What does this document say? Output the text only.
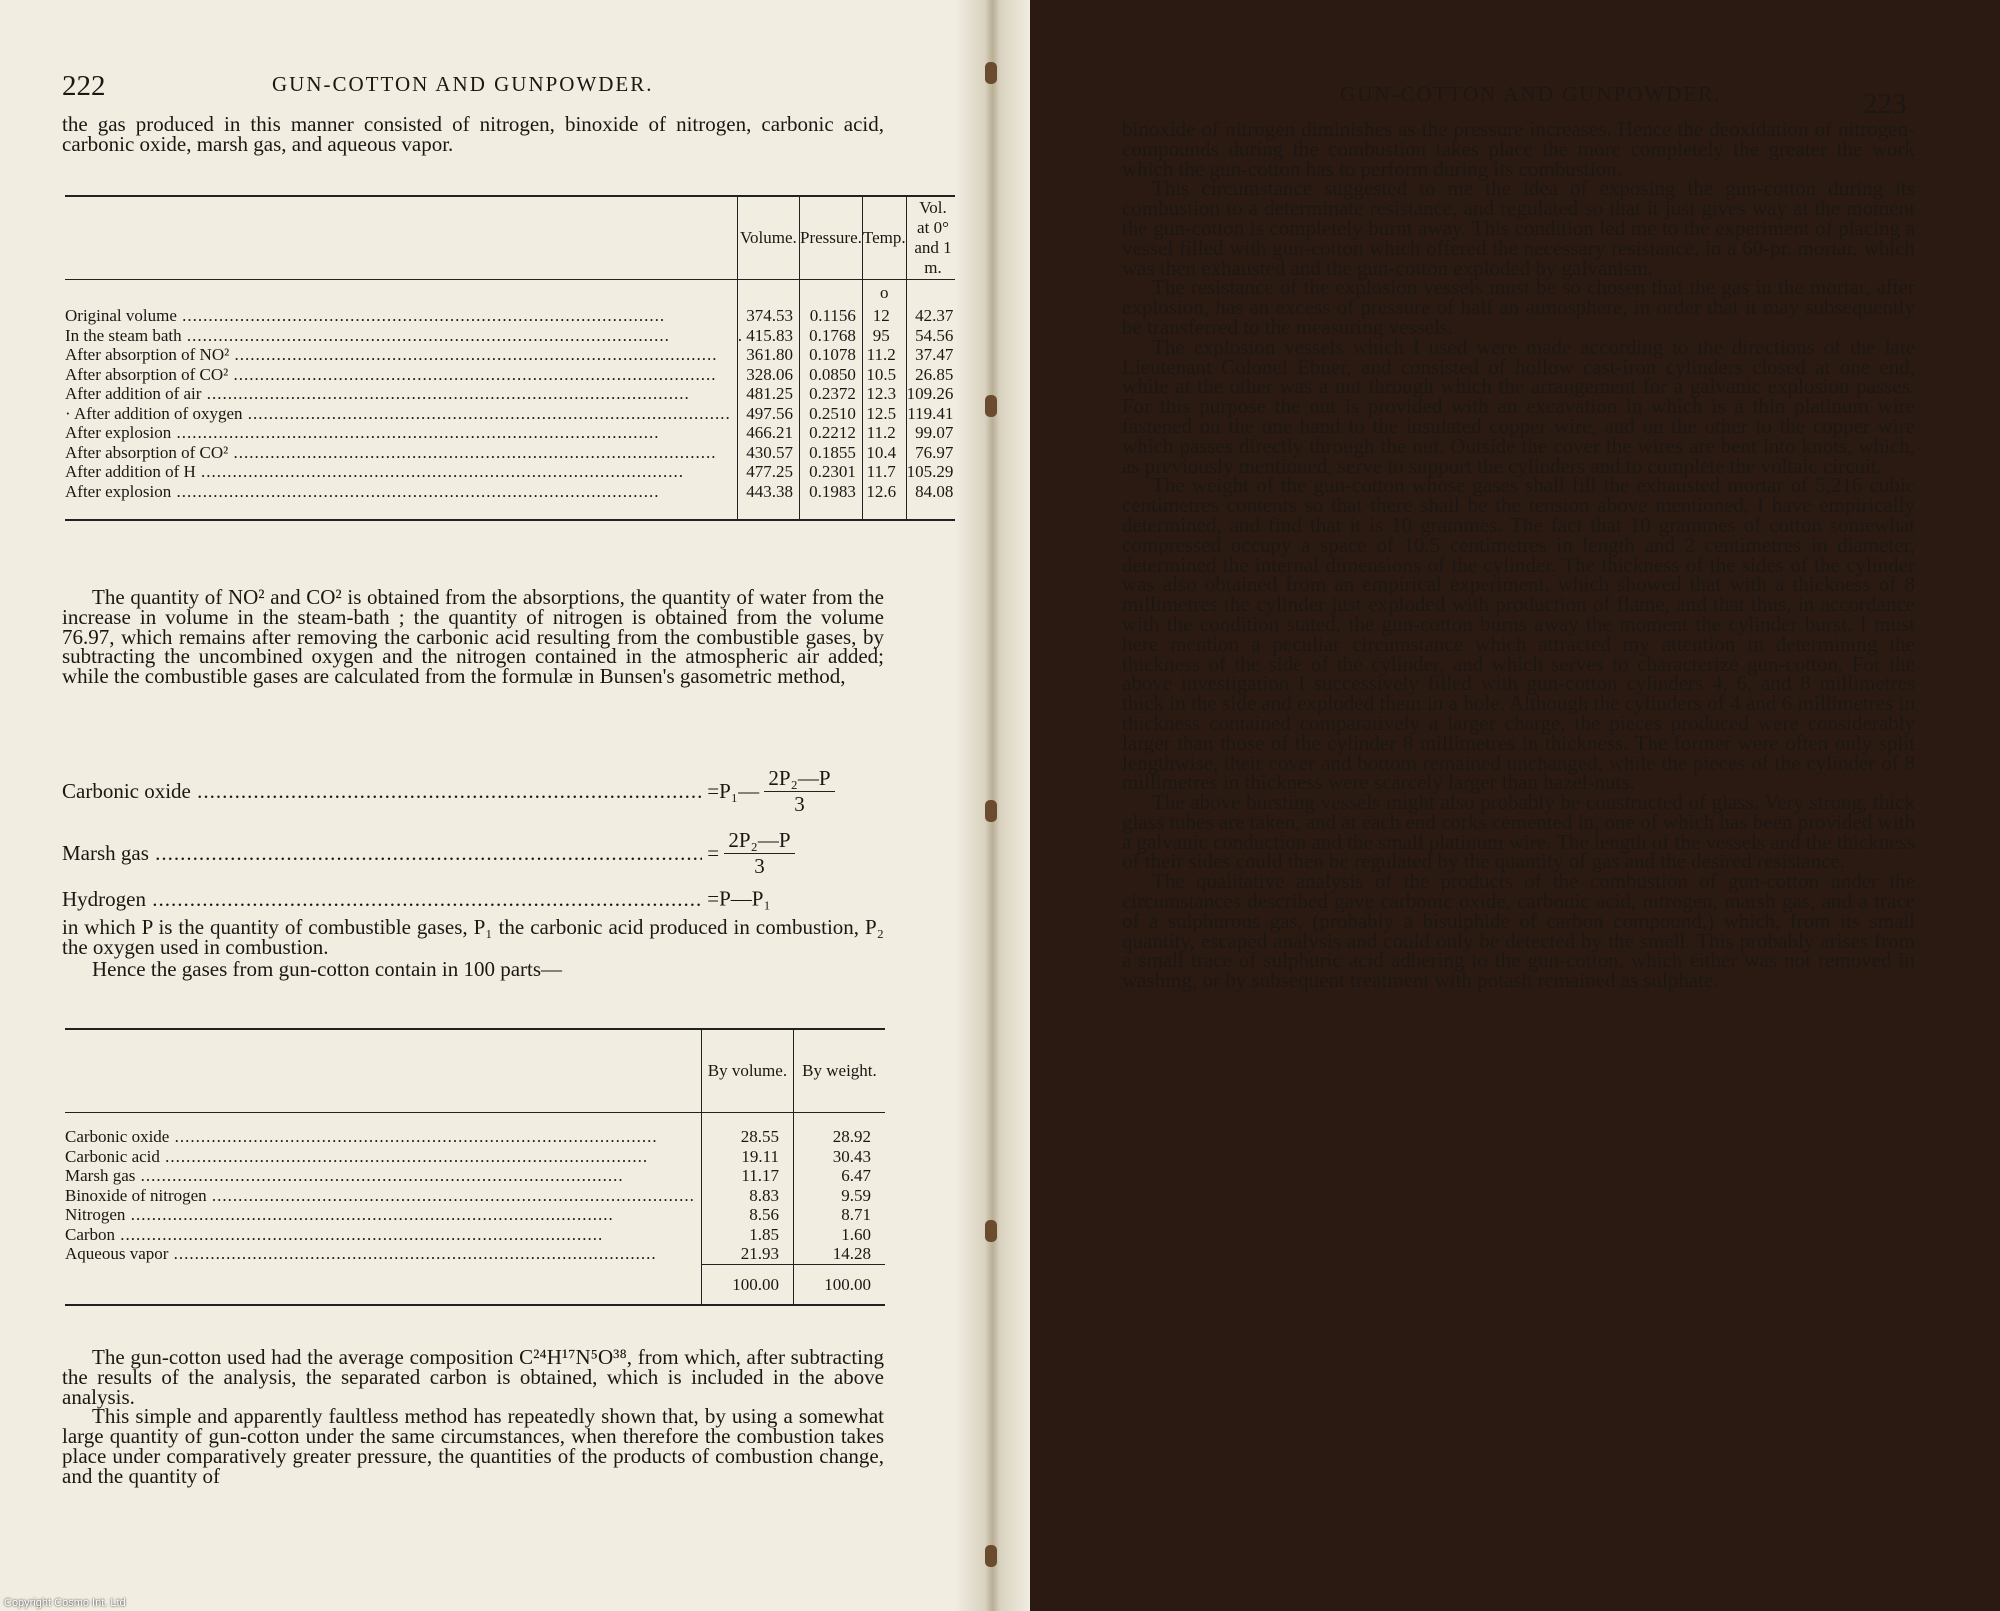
222	GUN-COTTON AND GUNPOWDER.

the gas produced in this manner consisted of nitrogen, binoxide of nitrogen, carbonic acid, carbonic oxide, marsh gas, and aqueous vapor.

	Volume.	Pressure.	Temp.	Vol. at 0° and 1 m.
			o	

Original volume .....	374.53	0.1156	12	42.37

In the steam bath .....	. 415.83	0.1768	95	54.56

After absorption of NO² .....	361.80	0.1078	11.2	37.47

After absorption of CO² .....	328.06	0.0850	10.5	26.85

After addition of air .....	481.25	0.2372	12.3	109.26

· After addition of oxygen .....	497.56	0.2510	12.5	119.41

After explosion .....	466.21	0.2212	11.2	99.07

After absorption of CO² .....	430.57	0.1855	10.4	76.97

After addition of H .....	477.25	0.2301	11.7	105.29

After explosion .....	443.38	0.1983	12.6	84.08

The quantity of NO² and CO² is obtained from the absorptions, the quantity of water from the increase in volume in the steam-bath ; the quantity of nitrogen is obtained from the volume 76.97, which remains after removing the carbonic acid resulting from the combustible gases, by subtracting the uncombined oxygen and the nitrogen contained in the atmospheric air added; while the combustible gases are calculated from the formulæ in Bunsen's gasometric method,

Carbonic oxide .....	=P₁— $\frac{\text{2P₂—P}}{3}$
Marsh gas .....	= $\frac{\text{2P₂—P}}{3}$
Hydrogen .....	=P—P₁

in which P is the quantity of combustible gases, P₁ the carbonic acid produced in combustion, P₂ the oxygen used in combustion.

Hence the gases from gun-cotton contain in 100 parts—

	By volume.	By weight.

Carbonic oxide .....	28.55	28.92

Carbonic acid .....	19.11	30.43

Marsh gas .....	11.17	6.47

Binoxide of nitrogen .....	8.83	9.59

Nitrogen .....	8.56	8.71

Carbon .....	1.85	1.60

Aqueous vapor .....	21.93	14.28
	100.00	100.00

The gun-cotton used had the average composition C²⁴H¹⁷N⁵O³⁸, from which, after subtracting the results of the analysis, the separated carbon is obtained, which is included in the above analysis.

This simple and apparently faultless method has repeatedly shown that, by using a somewhat large quantity of gun-cotton under the same circumstances, when therefore the combustion takes place under comparatively greater pressure, the quantities of the products of combustion change, and the quantity of

GUN-COTTON AND GUNPOWDER.	223

binoxide of nitrogen diminishes as the pressure increases. Hence the deoxidation of nitrogen-compounds during the combustion takes place the more completely the greater the work which the gun-cotton has to perform during its combustion.

This circumstance suggested to me the idea of exposing the gun-cotton during its combustion to a determinate resistance, and regulated so that it just gives way at the moment the gun-cotton is completely burnt away. This condition led me to the experiment of placing a vessel filled with gun-cotton which offered the necessary resistance, in a 60-pr. mortar, which was then exhausted and the gun-cotton exploded by galvanism.

The resistance of the explosion vessels must be so chosen that the gas in the mortar, after explosion, has an excess of pressure of half an atmosphere, in order that it may subsequently be transferred to the measuring vessels.

The explosion vessels which I used were made according to the directions of the late Lieutenant Colonel Ebner, and consisted of hollow cast-iron cylinders closed at one end, while at the other was a nut through which the arrangement for a galvanic explosion passes. For this purpose the nut is provided with an excavation in which is a thin platinum wire fastened on the one hand to the insulated copper wire, and on the other to the copper wire which passes directly through the nut. Outside the cover the wires are bent into knots, which, as previously mentioned, serve to support the cylinders and to complete the voltaic circuit.

The weight of the gun-cotton whose gases shall fill the exhausted mortar of 5,216 cubic centimetres contents so that there shall be the tension above mentioned, I have empirically determined, and find that it is 10 grammes. The fact that 10 grammes of cotton somewhat compressed occupy a space of 10.5 centimetres in length and 2 centimetres in diameter, determined the internal dimensions of the cylinder. The thickness of the sides of the cylinder was also obtained from an empirical experiment, which showed that with a thickness of 8 millimetres the cylinder just exploded with production of flame, and that thus, in accordance with the condition stated, the gun-cotton burns away the moment the cylinder burst. I must here mention a peculiar circumstance which attracted my attention in determining the thickness of the side of the cylinder, and which serves to characterize gun-cotton. For the above investigation I successively filled with gun-cotton cylinders 4, 6, and 8 millimetres thick in the side and exploded them in a hole. Although the cylinders of 4 and 6 millimetres in thickness contained comparatively a larger charge, the pieces produced were considerably larger than those of the cylinder 8 millimetres in thickness. The former were often only split lengthwise, their cover and bottom remained unchanged, while the pieces of the cylinder of 8 millimetres in thickness were scarcely larger than hazel-nuts.

The above bursting vessels might also probably be constructed of glass. Very strong, thick glass tubes are taken, and at each end corks cemented in, one of which has been provided with a galvanic conduction and the small platinum wire. The length of the vessels and the thickness of their sides could then be regulated by the quantity of gas and the desired resistance.

The qualitative analysis of the products of the combustion of gun-cotton under the circumstances described gave carbonic oxide, carbonic acid, nitrogen, marsh gas, and a trace of a sulphurous gas, (probably a bisulphide of carbon compound,) which, from its small quantity, escaped analysis and could only be detected by the smell. This probably arises from a small trace of sulphuric acid adhering to the gun-cotton, which either was not removed in washing, or by subsequent treatment with potash remained as sulphate.

Copyright Cosmo Int. Ltd
